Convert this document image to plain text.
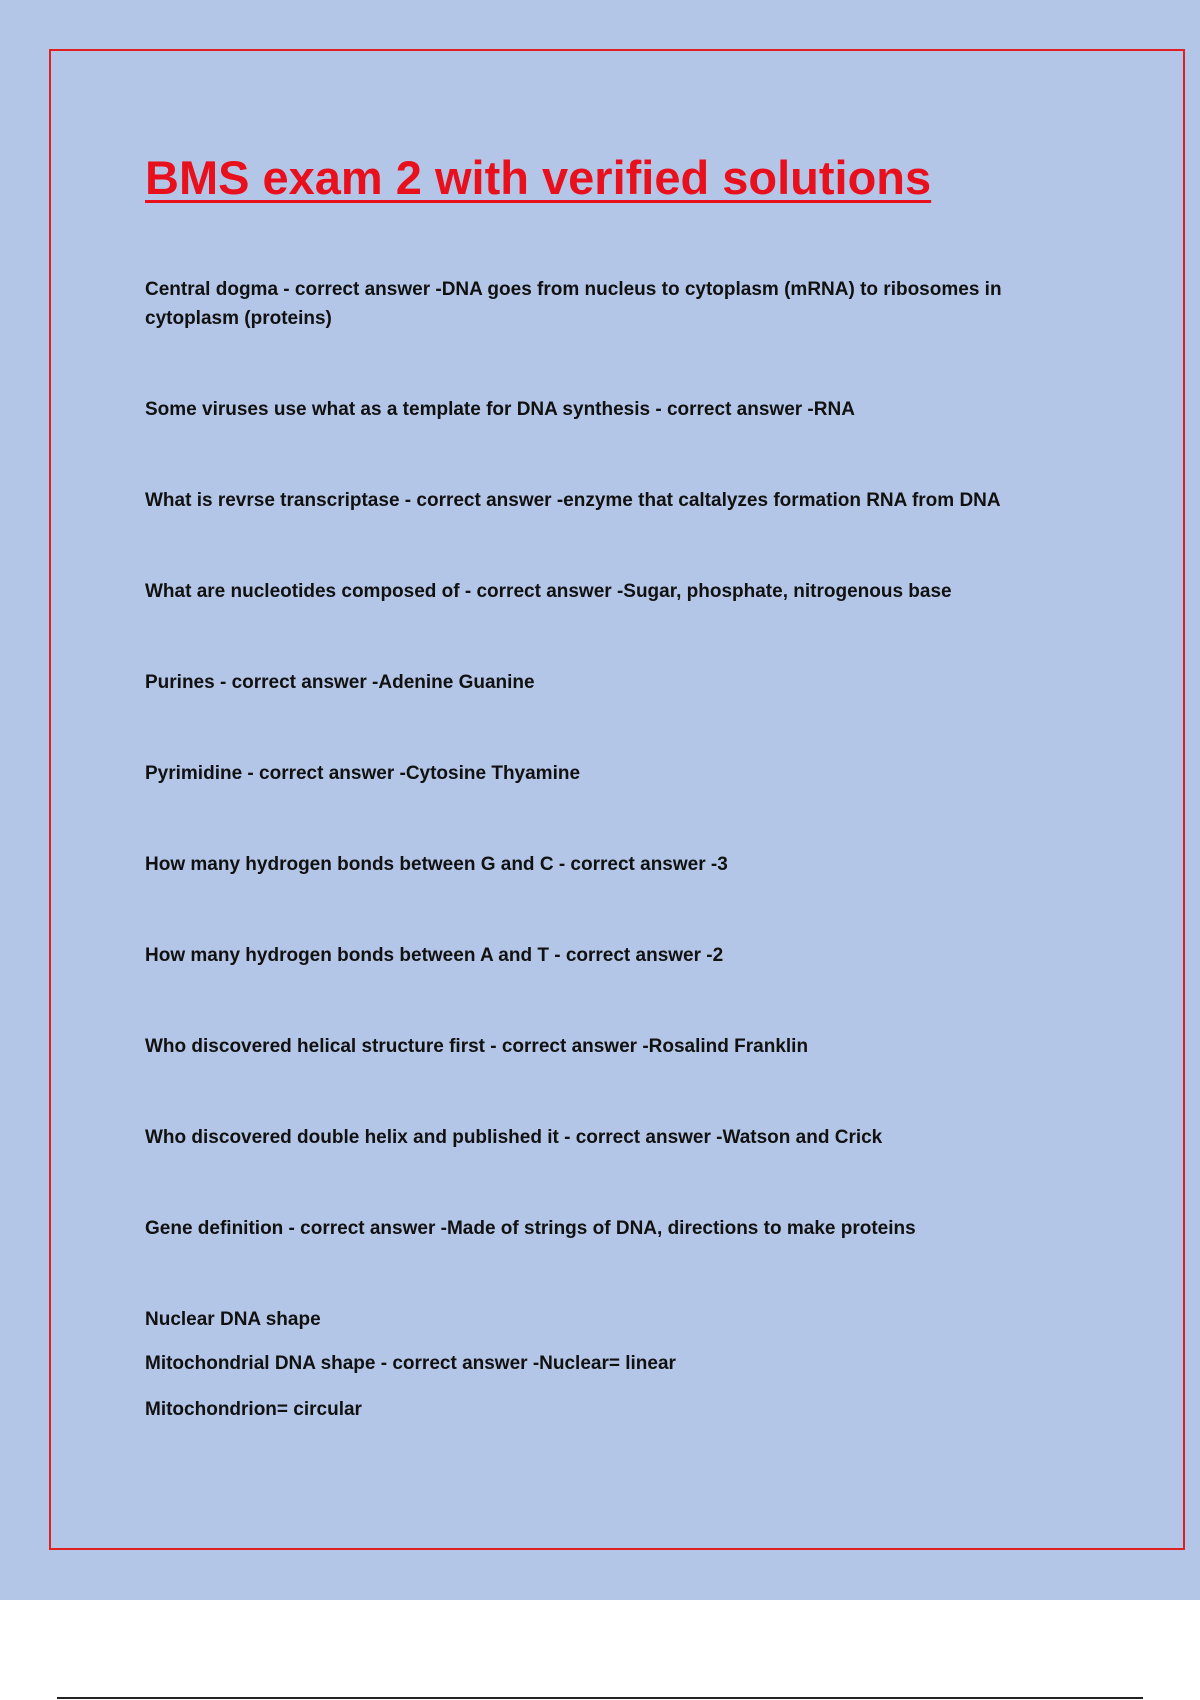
BMS exam 2 with verified solutions

Central dogma - correct answer -DNA goes from nucleus to cytoplasm (mRNA) to ribosomes in cytoplasm (proteins)

Some viruses use what as a template for DNA synthesis - correct answer -RNA

What is revrse transcriptase - correct answer -enzyme that caltalyzes formation RNA from DNA

What are nucleotides composed of - correct answer -Sugar, phosphate, nitrogenous base

Purines - correct answer -Adenine Guanine

Pyrimidine - correct answer -Cytosine Thyamine

How many hydrogen bonds between G and C - correct answer -3

How many hydrogen bonds between A and T - correct answer -2

Who discovered helical structure first - correct answer -Rosalind Franklin

Who discovered double helix and published it - correct answer -Watson and Crick

Gene definition - correct answer -Made of strings of DNA, directions to make proteins

Nuclear DNA shape

Mitochondrial DNA shape - correct answer -Nuclear= linear

Mitochondrion= circular
